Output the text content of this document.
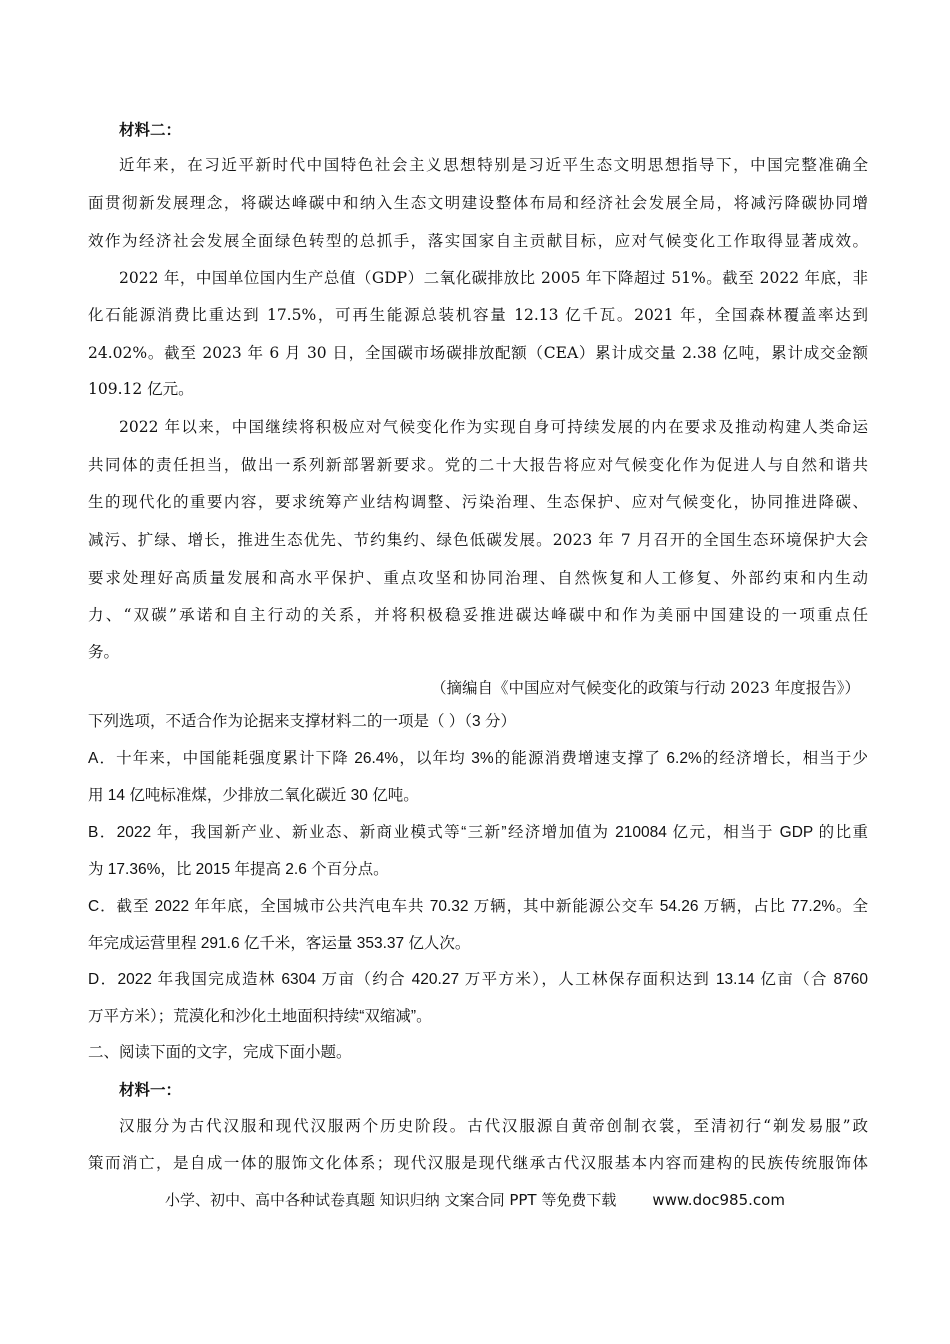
材料二：
近年来，在习近平新时代中国特色社会主义思想特别是习近平生态文明思想指导下，中国完整准确全
面贯彻新发展理念，将碳达峰碳中和纳入生态文明建设整体布局和经济社会发展全局，将减污降碳协同增
效作为经济社会发展全面绿色转型的总抓手，落实国家自主贡献目标，应对气候变化工作取得显著成效。
2022 年，中国单位国内生产总值（GDP）二氧化碳排放比 2005 年下降超过 51%。截至 2022 年底，非
化石能源消费比重达到 17.5%，可再生能源总装机容量 12.13 亿千瓦。2021 年，全国森林覆盖率达到
24.02%。截至 2023 年 6 月 30 日，全国碳市场碳排放配额（CEA）累计成交量 2.38 亿吨，累计成交金额
109.12 亿元。
2022 年以来，中国继续将积极应对气候变化作为实现自身可持续发展的内在要求及推动构建人类命运
共同体的责任担当，做出一系列新部署新要求。党的二十大报告将应对气候变化作为促进人与自然和谐共
生的现代化的重要内容，要求统筹产业结构调整、污染治理、生态保护、应对气候变化，协同推进降碳、
减污、扩绿、增长，推进生态优先、节约集约、绿色低碳发展。2023 年 7 月召开的全国生态环境保护大会
要求处理好高质量发展和高水平保护、重点攻坚和协同治理、自然恢复和人工修复、外部约束和内生动
力、“双碳”承诺和自主行动的关系，并将积极稳妥推进碳达峰碳中和作为美丽中国建设的一项重点任
务。
（摘编自《中国应对气候变化的政策与行动 2023 年度报告》）
下列选项，不适合作为论据来支撑材料二的一项是（ ）（3 分）
A．十年来，中国能耗强度累计下降 26.4%，以年均 3%的能源消费增速支撑了 6.2%的经济增长，相当于少
用 14 亿吨标准煤，少排放二氧化碳近 30 亿吨。
B．2022 年，我国新产业、新业态、新商业模式等“三新”经济增加值为 210084 亿元，相当于 GDP 的比重
为 17.36%，比 2015 年提高 2.6 个百分点。
C．截至 2022 年年底，全国城市公共汽电车共 70.32 万辆，其中新能源公交车 54.26 万辆，占比 77.2%。全
年完成运营里程 291.6 亿千米，客运量 353.37 亿人次。
D．2022 年我国完成造林 6304 万亩（约合 420.27 万平方米），人工林保存面积达到 13.14 亿亩（合 8760
万平方米）；荒漠化和沙化土地面积持续“双缩减”。
二、阅读下面的文字，完成下面小题。
材料一：
汉服分为古代汉服和现代汉服两个历史阶段。古代汉服源自黄帝创制衣裳，至清初行“剃发易服”政
策而消亡，是自成一体的服饰文化体系；现代汉服是现代继承古代汉服基本内容而建构的民族传统服饰体
小学、初中、高中各种试卷真题 知识归纳 文案合同 PPT 等免费下载 www.doc985.com
